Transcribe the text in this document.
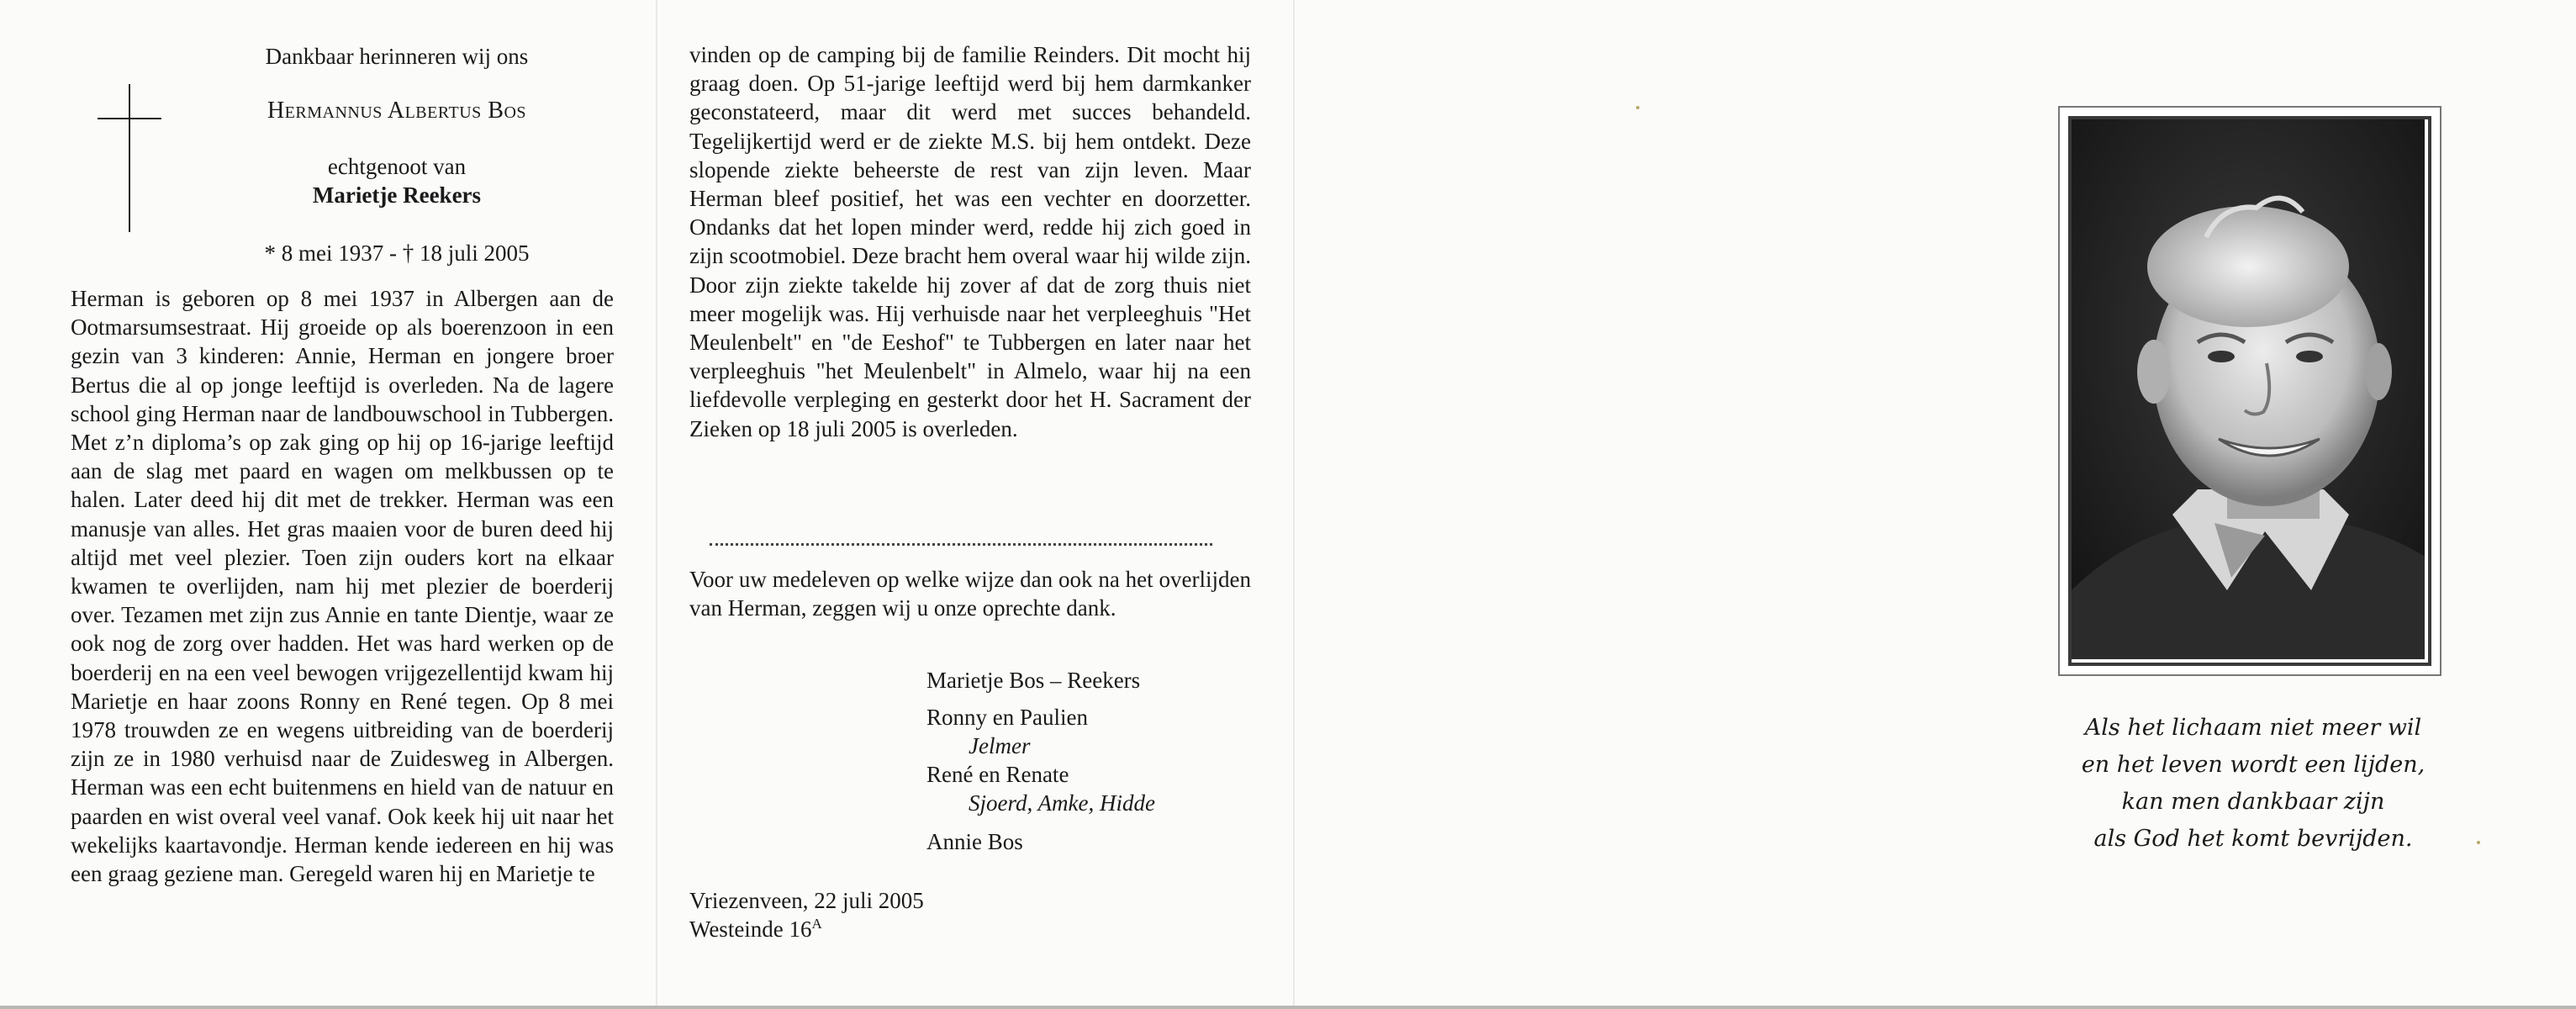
Dankbaar herinneren wij ons
Hermannus Albertus Bos
echtgenoot van
Marietje Reekers
* 8 mei 1937 - † 18 juli 2005

Herman is geboren op 8 mei 1937 in Albergen aan de Ootmarsumsestraat. Hij groeide op als boerenzoon in een gezin van 3 kinderen: Annie, Herman en jongere broer Bertus die al op jonge leeftijd is overleden. Na de lagere school ging Herman naar de landbouwschool in Tubbergen. Met z’n diploma’s op zak ging op hij op 16-jarige leeftijd aan de slag met paard en wagen om melkbussen op te halen. Later deed hij dit met de trekker. Herman was een manusje van alles. Het gras maaien voor de buren deed hij altijd met veel plezier. Toen zijn ouders kort na elkaar kwamen te overlijden, nam hij met plezier de boerderij over. Tezamen met zijn zus Annie en tante Dientje, waar ze ook nog de zorg over hadden. Het was hard werken op de boerderij en na een veel bewogen vrijgezellentijd kwam hij Marietje en haar zoons Ronny en René tegen. Op 8 mei 1978 trouwden ze en wegens uitbreiding van de boerderij zijn ze in 1980 verhuisd naar de Zuidesweg in Albergen. Herman was een echt buitenmens en hield van de natuur en paarden en wist overal veel vanaf. Ook keek hij uit naar het wekelijks kaartavondje. Herman kende iedereen en hij was een graag geziene man. Geregeld waren hij en Marietje te

vinden op de camping bij de familie Reinders. Dit mocht hij graag doen. Op 51-jarige leeftijd werd bij hem darmkanker geconstateerd, maar dit werd met succes behandeld. Tegelijkertijd werd er de ziekte M.S. bij hem ontdekt. Deze slopende ziekte beheerste de rest van zijn leven. Maar Herman bleef positief, het was een vechter en doorzetter. Ondanks dat het lopen minder werd, redde hij zich goed in zijn scootmobiel. Deze bracht hem overal waar hij wilde zijn. Door zijn ziekte takelde hij zover af dat de zorg thuis niet meer mogelijk was. Hij verhuisde naar het verpleeghuis "Het Meulenbelt" en "de Eeshof" te Tubbergen en later naar het verpleeghuis "het Meulenbelt" in Almelo, waar hij na een liefdevolle verpleging en gesterkt door het H. Sacrament der Zieken op 18 juli 2005 is overleden.

Voor uw medeleven op welke wijze dan ook na het overlijden van Herman, zeggen wij u onze oprechte dank.

Marietje Bos – Reekers
Ronny en Paulien
Jelmer
René en Renate
Sjoerd, Amke, Hidde
Annie Bos
Vriezenveen, 22 juli 2005
Westeinde $16^A$
Als het lichaam niet meer wil
en het leven wordt een lijden,
kan men dankbaar zijn
als God het komt bevrijden.
